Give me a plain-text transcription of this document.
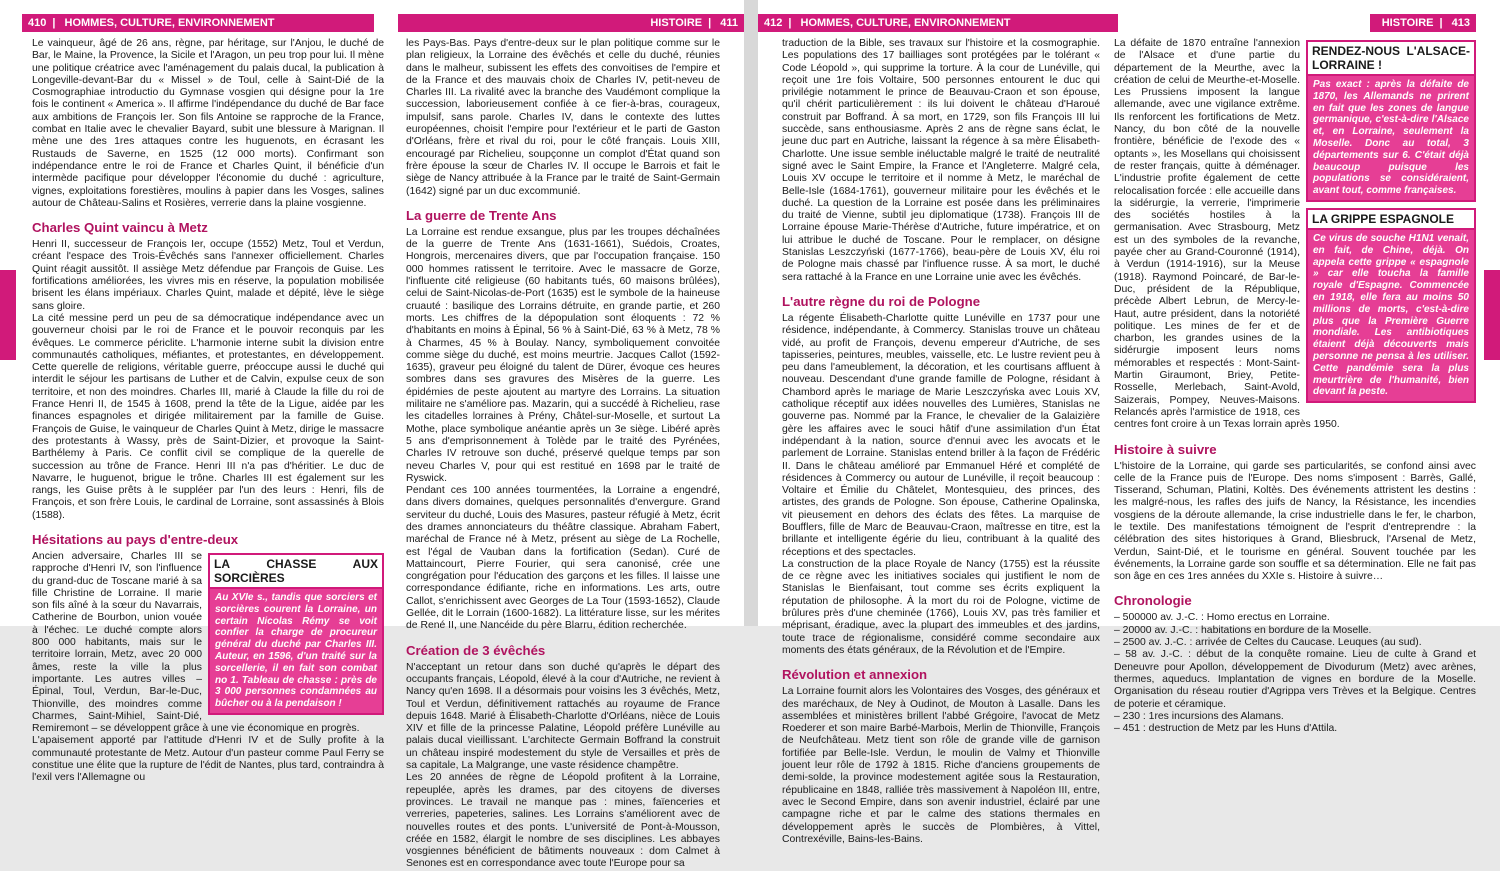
410 | HOMMES, CULTURE, ENVIRONNEMENT	HISTOIRE | 411

Le vainqueur, âgé de 26 ans, règne, par héritage, sur l'Anjou, le duché de Bar, le Maine, la Provence, la Sicile et l'Aragon, un peu trop pour lui. Il mène une politique créatrice avec l'aménagement du palais ducal, la publication à Longeville-devant-Bar du « Missel » de Toul, celle à Saint-Dié de la Cosmographiae introductio du Gymnase vosgien qui désigne pour la 1re fois le continent « America ». Il affirme l'indépendance du duché de Bar face aux ambitions de François Ier. Son fils Antoine se rapproche de la France, combat en Italie avec le chevalier Bayard, subit une blessure à Marignan. Il mène une des 1res attaques contre les huguenots, en écrasant les Rustauds de Saverne, en 1525 (12 000 morts). Confirmant son indépendance entre le roi de France et Charles Quint, il bénéficie d'un intermède pacifique pour développer l'économie du duché : agriculture, vignes, exploitations forestières, moulins à papier dans les Vosges, salines autour de Château-Salins et Rosières, verrerie dans la plaine vosgienne.

Charles Quint vaincu à Metz

Henri II, successeur de François Ier, occupe (1552) Metz, Toul et Verdun, créant l'espace des Trois-Évêchés sans l'annexer officiellement. Charles Quint réagit aussitôt. Il assiège Metz défendue par François de Guise. Les fortifications améliorées, les vivres mis en réserve, la population mobilisée brisent les élans impériaux. Charles Quint, malade et dépité, lève le siège sans gloire.

La cité messine perd un peu de sa démocratique indépendance avec un gouverneur choisi par le roi de France et le pouvoir reconquis par les évêques. Le commerce périclite. L'harmonie interne subit la division entre communautés catholiques, méfiantes, et protestantes, en développement. Cette querelle de religions, véritable guerre, préoccupe aussi le duché qui interdit le séjour les partisans de Luther et de Calvin, expulse ceux de son territoire, et non des moindres. Charles III, marié à Claude la fille du roi de France Henri II, de 1545 à 1608, prend la tête de la Ligue, aidée par les finances espagnoles et dirigée militairement par la famille de Guise. François de Guise, le vainqueur de Charles Quint à Metz, dirige le massacre des protestants à Wassy, près de Saint-Dizier, et provoque la Saint-Barthélemy à Paris. Ce conflit civil se complique de la querelle de succession au trône de France. Henri III n'a pas d'héritier. Le duc de Navarre, le huguenot, brigue le trône. Charles III est également sur les rangs, les Guise prêts à le suppléer par l'un des leurs : Henri, fils de François, et son frère Louis, le cardinal de Lorraine, sont assassinés à Blois (1588).

Hésitations au pays d'entre-deux
LA CHASSE AUX SORCIÈRES
Au XVIe s., tandis que sorciers et sorcières courent la Lorraine, un certain Nicolas Rémy se voit confier la charge de procureur général du duché par Charles III. Auteur, en 1596, d'un traité sur la sorcellerie, il en fait son combat no 1. Tableau de chasse : près de 3 000 personnes condamnées au bûcher ou à la pendaison !

Ancien adversaire, Charles III se rapproche d'Henri IV, son l'influence du grand-duc de Toscane marié à sa fille Christine de Lorraine. Il marie son fils aîné à la sœur du Navarrais, Catherine de Bourbon, union vouée à l'échec. Le duché compte alors 800 000 habitants, mais sur le territoire lorrain, Metz, avec 20 000 âmes, reste la ville la plus importante. Les autres villes – Épinal, Toul, Verdun, Bar-le-Duc, Thionville, des moindres comme Charmes, Saint-Mihiel, Saint-Dié, Remiremont – se développent grâce à une vie économique en progrès.

L'apaisement apporté par l'attitude d'Henri IV et de Sully profite à la communauté protestante de Metz. Autour d'un pasteur comme Paul Ferry se constitue une élite que la rupture de l'édit de Nantes, plus tard, contraindra à l'exil vers l'Allemagne ou

les Pays-Bas. Pays d'entre-deux sur le plan politique comme sur le plan religieux, la Lorraine des évêchés et celle du duché, réunies dans le malheur, subissent les effets des convoitises de l'empire et de la France et des mauvais choix de Charles IV, petit-neveu de Charles III. La rivalité avec la branche des Vaudémont complique la succession, laborieusement confiée à ce fier-à-bras, courageux, impulsif, sans parole. Charles IV, dans le contexte des luttes européennes, choisit l'empire pour l'extérieur et le parti de Gaston d'Orléans, frère et rival du roi, pour le côté français. Louis XIII, encouragé par Richelieu, soupçonne un complot d'État quand son frère épouse la sœur de Charles IV. Il occupe le Barrois et fait le siège de Nancy attribuée à la France par le traité de Saint-Germain (1642) signé par un duc excommunié.

La guerre de Trente Ans

La Lorraine est rendue exsangue, plus par les troupes déchaînées de la guerre de Trente Ans (1631-1661), Suédois, Croates, Hongrois, mercenaires divers, que par l'occupation française. 150 000 hommes ratissent le territoire. Avec le massacre de Gorze, l'influente cité religieuse (60 habitants tués, 60 maisons brûlées), celui de Saint-Nicolas-de-Port (1635) est le symbole de la haineuse cruauté : basilique des Lorrains détruite, en grande partie, et 260 morts. Les chiffres de la dépopulation sont éloquents : 72 % d'habitants en moins à Épinal, 56 % à Saint-Dié, 63 % à Metz, 78 % à Charmes, 45 % à Boulay. Nancy, symboliquement convoitée comme siège du duché, est moins meurtrie. Jacques Callot (1592-1635), graveur peu éloigné du talent de Dürer, évoque ces heures sombres dans ses gravures des Misères de la guerre. Les épidémies de peste ajoutent au martyre des Lorrains. La situation militaire ne s'améliore pas. Mazarin, qui a succédé à Richelieu, rase les citadelles lorraines à Prény, Châtel-sur-Moselle, et surtout La Mothe, place symbolique anéantie après un 3e siège. Libéré après 5 ans d'emprisonnement à Tolède par le traité des Pyrénées, Charles IV retrouve son duché, préservé quelque temps par son neveu Charles V, pour qui est restitué en 1698 par le traité de Ryswick.

Pendant ces 100 années tourmentées, la Lorraine a engendré, dans divers domaines, quelques personnalités d'envergure. Grand serviteur du duché, Louis des Masures, pasteur réfugié à Metz, écrit des drames annonciateurs du théâtre classique. Abraham Fabert, maréchal de France né à Metz, présent au siège de La Rochelle, est l'égal de Vauban dans la fortification (Sedan). Curé de Mattaincourt, Pierre Fourier, qui sera canonisé, crée une congrégation pour l'éducation des garçons et les filles. Il laisse une correspondance édifiante, riche en informations. Les arts, outre Callot, s'enrichissent avec Georges de La Tour (1593-1652), Claude Gellée, dit le Lorrain (1600-1682). La littérature lisse, sur les mérites de René II, une Nancéide du père Blarru, édition recherchée.

Création de 3 évêchés

N'acceptant un retour dans son duché qu'après le départ des occupants français, Léopold, élevé à la cour d'Autriche, ne revient à Nancy qu'en 1698. Il a désormais pour voisins les 3 évêchés, Metz, Toul et Verdun, définitivement rattachés au royaume de France depuis 1648. Marié à Élisabeth-Charlotte d'Orléans, nièce de Louis XIV et fille de la princesse Palatine, Léopold préfère Lunéville au palais ducal vieillissant. L'architecte Germain Boffrand la construit un château inspiré modestement du style de Versailles et près de sa capitale, La Malgrange, une vaste résidence champêtre.

Les 20 années de règne de Léopold profitent à la Lorraine, repeuplée, après les drames, par des citoyens de diverses provinces. Le travail ne manque pas : mines, faïenceries et verreries, papeteries, salines. Les Lorrains s'améliorent avec de nouvelles routes et des ponts. L'université de Pont-à-Mousson, créée en 1582, élargit le nombre de ses disciplines. Les abbayes vosgiennes bénéficient de bâtiments nouveaux : dom Calmet à Senones est en correspondance avec toute l'Europe pour sa

412 | HOMMES, CULTURE, ENVIRONNEMENT	HISTOIRE | 413

traduction de la Bible, ses travaux sur l'histoire et la cosmographie. Les populations des 17 bailliages sont protégées par le tolérant « Code Léopold », qui supprime la torture. À la cour de Lunéville, qui reçoit une 1re fois Voltaire, 500 personnes entourent le duc qui privilégie notamment le prince de Beauvau-Craon et son épouse, qu'il chérit particulièrement : ils lui doivent le château d'Haroué construit par Boffrand. À sa mort, en 1729, son fils François III lui succède, sans enthousiasme. Après 2 ans de règne sans éclat, le jeune duc part en Autriche, laissant la régence à sa mère Élisabeth-Charlotte. Une issue semble inéluctable malgré le traité de neutralité signé avec le Saint Empire, la France et l'Angleterre. Malgré cela, Louis XV occupe le territoire et il nomme à Metz, le maréchal de Belle-Isle (1684-1761), gouverneur militaire pour les évêchés et le duché. La question de la Lorraine est posée dans les préliminaires du traité de Vienne, subtil jeu diplomatique (1738). François III de Lorraine épouse Marie-Thérèse d'Autriche, future impératrice, et on lui attribue le duché de Toscane. Pour le remplacer, on désigne Stanislas Leszczyński (1677-1766), beau-père de Louis XV, élu roi de Pologne mais chassé par l'influence russe. À sa mort, le duché sera rattaché à la France en une Lorraine unie avec les évêchés.

L'autre règne du roi de Pologne

La régente Élisabeth-Charlotte quitte Lunéville en 1737 pour une résidence, indépendante, à Commercy. Stanislas trouve un château vidé, au profit de François, devenu empereur d'Autriche, de ses tapisseries, peintures, meubles, vaisselle, etc. Le lustre revient peu à peu dans l'ameublement, la décoration, et les courtisans affluent à nouveau. Descendant d'une grande famille de Pologne, résidant à Chambord après le mariage de Marie Leszczyńska avec Louis XV, catholique réceptif aux idées nouvelles des Lumières, Stanislas ne gouverne pas. Nommé par la France, le chevalier de la Galaizière gère les affaires avec le souci hâtif d'une assimilation d'un État indépendant à la nation, source d'ennui avec les avocats et le parlement de Lorraine. Stanislas entend briller à la façon de Frédéric II. Dans le château amélioré par Emmanuel Héré et complété de résidences à Commercy ou autour de Lunéville, il reçoit beaucoup : Voltaire et Émilie du Châtelet, Montesquieu, des princes, des artistes, des grands de Pologne. Son épouse, Catherine Opalinska, vit pieusement en dehors des éclats des fêtes. La marquise de Boufflers, fille de Marc de Beauvau-Craon, maîtresse en titre, est la brillante et intelligente égérie du lieu, contribuant à la qualité des réceptions et des spectacles.

La construction de la place Royale de Nancy (1755) est la réussite de ce règne avec les initiatives sociales qui justifient le nom de Stanislas le Bienfaisant, tout comme ses écrits expliquent la réputation de philosophe. À la mort du roi de Pologne, victime de brûlures près d'une cheminée (1766), Louis XV, pas très familier et méprisant, éradique, avec la plupart des immeubles et des jardins, toute trace de régionalisme, considéré comme secondaire aux moments des états généraux, de la Révolution et de l'Empire.

Révolution et annexion

La Lorraine fournit alors les Volontaires des Vosges, des généraux et des maréchaux, de Ney à Oudinot, de Mouton à Lasalle. Dans les assemblées et ministères brillent l'abbé Grégoire, l'avocat de Metz Roederer et son maire Barbé-Marbois, Merlin de Thionville, François de Neufchâteau. Metz tient son rôle de grande ville de garnison fortifiée par Belle-Isle. Verdun, le moulin de Valmy et Thionville jouent leur rôle de 1792 à 1815. Riche d'anciens groupements de demi-solde, la province modestement agitée sous la Restauration, républicaine en 1848, ralliée très massivement à Napoléon III, entre, avec le Second Empire, dans son avenir industriel, éclairé par une campagne riche et par le calme des stations thermales en développement après le succès de Plombières, à Vittel, Contrexéville, Bains-les-Bains.

RENDEZ-NOUS L'ALSACE-LORRAINE !
Pas exact : après la défaite de 1870, les Allemands ne prirent en fait que les zones de langue germanique, c'est-à-dire l'Alsace et, en Lorraine, seulement la Moselle. Donc au total, 3 départements sur 6. C'était déjà beaucoup puisque les populations se considéraient, avant tout, comme françaises.
LA GRIPPE ESPAGNOLE
Ce virus de souche H1N1 venait, en fait, de Chine, déjà. On appela cette grippe « espagnole » car elle toucha la famille royale d'Espagne. Commencée en 1918, elle fera au moins 50 millions de morts, c'est-à-dire plus que la Première Guerre mondiale. Les antibiotiques étaient déjà découverts mais personne ne pensa à les utiliser. Cette pandémie sera la plus meurtrière de l'humanité, bien devant la peste.

La défaite de 1870 entraîne l'annexion de l'Alsace et d'une partie du département de la Meurthe, avec la création de celui de Meurthe-et-Moselle. Les Prussiens imposent la langue allemande, avec une vigilance extrême. Ils renforcent les fortifications de Metz. Nancy, du bon côté de la nouvelle frontière, bénéficie de l'exode des « optants », les Mosellans qui choisissent de rester français, quitte à déménager. L'industrie profite également de cette relocalisation forcée : elle accueille dans la sidérurgie, la verrerie, l'imprimerie des sociétés hostiles à la germanisation. Avec Strasbourg, Metz est un des symboles de la revanche, payée cher au Grand-Couronné (1914), à Verdun (1914-1916), sur la Meuse (1918). Raymond Poincaré, de Bar-le-Duc, président de la République, précède Albert Lebrun, de Mercy-le-Haut, autre président, dans la notoriété politique. Les mines de fer et de charbon, les grandes usines de la sidérurgie imposent leurs noms mémorables et respectés : Mont-Saint-Martin Giraumont, Briey, Petite-Rosselle, Merlebach, Saint-Avold, Saizerais, Pompey, Neuves-Maisons. Relancés après l'armistice de 1918, ces centres font croire à un Texas lorrain après 1950.

Histoire à suivre

L'histoire de la Lorraine, qui garde ses particularités, se confond ainsi avec celle de la France puis de l'Europe. Des noms s'imposent : Barrès, Gallé, Tisserand, Schuman, Platini, Koltès. Des événements attristent les destins : les malgré-nous, les rafles des juifs de Nancy, la Résistance, les incendies vosgiens de la déroute allemande, la crise industrielle dans le fer, le charbon, le textile. Des manifestations témoignent de l'esprit d'entreprendre : la célébration des sites historiques à Grand, Bliesbruck, l'Arsenal de Metz, Verdun, Saint-Dié, et le tourisme en général. Souvent touchée par les événements, la Lorraine garde son souffle et sa détermination. Elle ne fait pas son âge en ces 1res années du XXIe s. Histoire à suivre…

Chronologie

– 500000 av. J.-C. : Homo erectus en Lorraine.

– 20000 av. J.-C. : habitations en bordure de la Moselle.

– 2500 av. J.-C. : arrivée de Celtes du Caucase. Leuques (au sud).

– 58 av. J.-C. : début de la conquête romaine. Lieu de culte à Grand et Deneuvre pour Apollon, développement de Divodurum (Metz) avec arènes, thermes, aqueducs. Implantation de vignes en bordure de la Moselle. Organisation du réseau routier d'Agrippa vers Trèves et la Belgique. Centres de poterie et céramique.

– 230 : 1res incursions des Alamans.

– 451 : destruction de Metz par les Huns d'Attila.
